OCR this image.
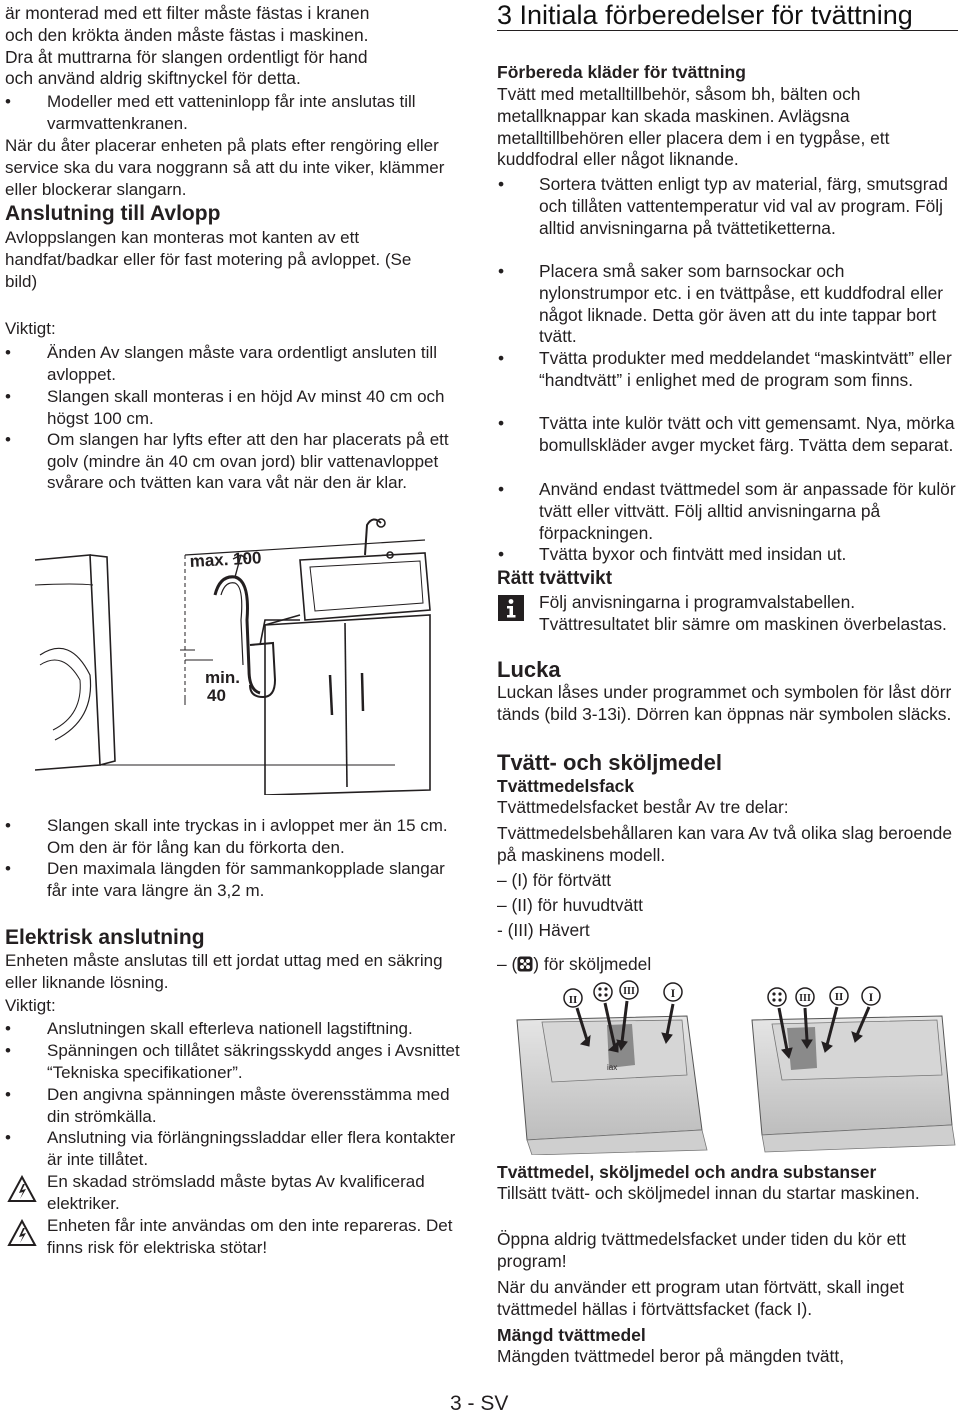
är monterad med ett filter måste fästas i kranen

och den krökta änden måste fästas i maskinen.

Dra åt muttrarna för slangen ordentligt för hand

och använd aldrig skiftnyckel för detta.

• Modeller med ett vatteninlopp får inte anslutas till varmvattenkranen.

När du åter placerar enheten på plats efter rengöring eller service ska du vara noggrann så att du inte viker, klämmer eller blockerar slangarn.

Anslutning till Avlopp

Avloppslangen kan monteras mot kanten av ett handfat/badkar eller för fast motering på avloppet. (Se bild)

Viktigt:

• Änden Av slangen måste vara ordentligt ansluten till avloppet.

• Slangen skall monteras i en höjd Av minst 40 cm och högst 100 cm.

• Om slangen har lyfts efter att den har placerats på ett golv (mindre än 40 cm ovan jord) blir vattenavloppet svårare och tvätten kan vara våt när den är klar.

max. 100
min.
40

• Slangen skall inte tryckas in i avloppet mer än 15 cm. Om den är för lång kan du förkorta den.

• Den maximala längden för sammankopplade slangar får inte vara längre än 3,2 m.

Elektrisk anslutning

Enheten måste anslutas till ett jordat uttag med en säkring eller liknande lösning.

Viktigt:

• Anslutningen skall efterleva nationell lagstiftning.

• Spänningen och tillåtet säkringsskydd anges i Avsnittet “Tekniska specifikationer”.

• Den angivna spänningen måste överensstämma med din strömkälla.

• Anslutning via förlängningssladdar eller flera kontakter är inte tillåtet.

En skadad strömsladd måste bytas Av kvalificerad elektriker.

Enheten får inte användas om den inte repareras. Det finns risk för elektriska stötar!

3 Initiala förberedelser för tvättning

Förbereda kläder för tvättning

Tvätt med metalltillbehör, såsom bh, bälten och metallknappar kan skada maskinen. Avlägsna metalltillbehören eller placera dem i en tygpåse, ett kuddfodral eller något liknande.

• Sortera tvätten enligt typ av material, färg, smutsgrad och tillåten vattentemperatur vid val av program. Följ alltid anvisningarna på tvättetiketterna.

• Placera små saker som barnsockar och nylonstrumpor etc. i en tvättpåse, ett kuddfodral eller något liknade. Detta gör även att du inte tappar bort tvätt.

• Tvätta produkter med meddelandet “maskintvätt” eller “handtvätt” i enlighet med de program som finns.

• Tvätta inte kulör tvätt och vitt gemensamt. Nya, mörka bomullskläder avger mycket färg. Tvätta dem separat.

• Använd endast tvättmedel som är anpassade för kulör tvätt eller vittvätt. Följ alltid anvisningarna på förpackningen.

• Tvätta byxor och fintvätt med insidan ut.

Rätt tvättvikt

Följ anvisningarna i programvalstabellen. Tvättresultatet blir sämre om maskinen överbelastas.

Lucka

Luckan låses under programmet och symbolen för låst dörr tänds (bild 3-13i). Dörren kan öppnas när symbolen släcks.

Tvätt- och sköljmedel

Tvättmedelsfack

Tvättmedelsfacket består Av tre delar:

Tvättmedelsbehållaren kan vara Av två olika slag beroende på maskinens modell.

– (I) för förtvätt

– (II) för huvudtvätt

- (III) Hävert

– ( ) för sköljmedel

iax
II
III	I	III II I

Tvättmedel, sköljmedel och andra substanser

Tillsätt tvätt- och sköljmedel innan du startar maskinen.

Öppna aldrig tvättmedelsfacket under tiden du kör ett program!

När du använder ett program utan förtvätt, skall inget tvättmedel hällas i förtvättsfacket (fack I).

Mängd tvättmedel

Mängden tvättmedel beror på mängden tvätt,

3 - SV
